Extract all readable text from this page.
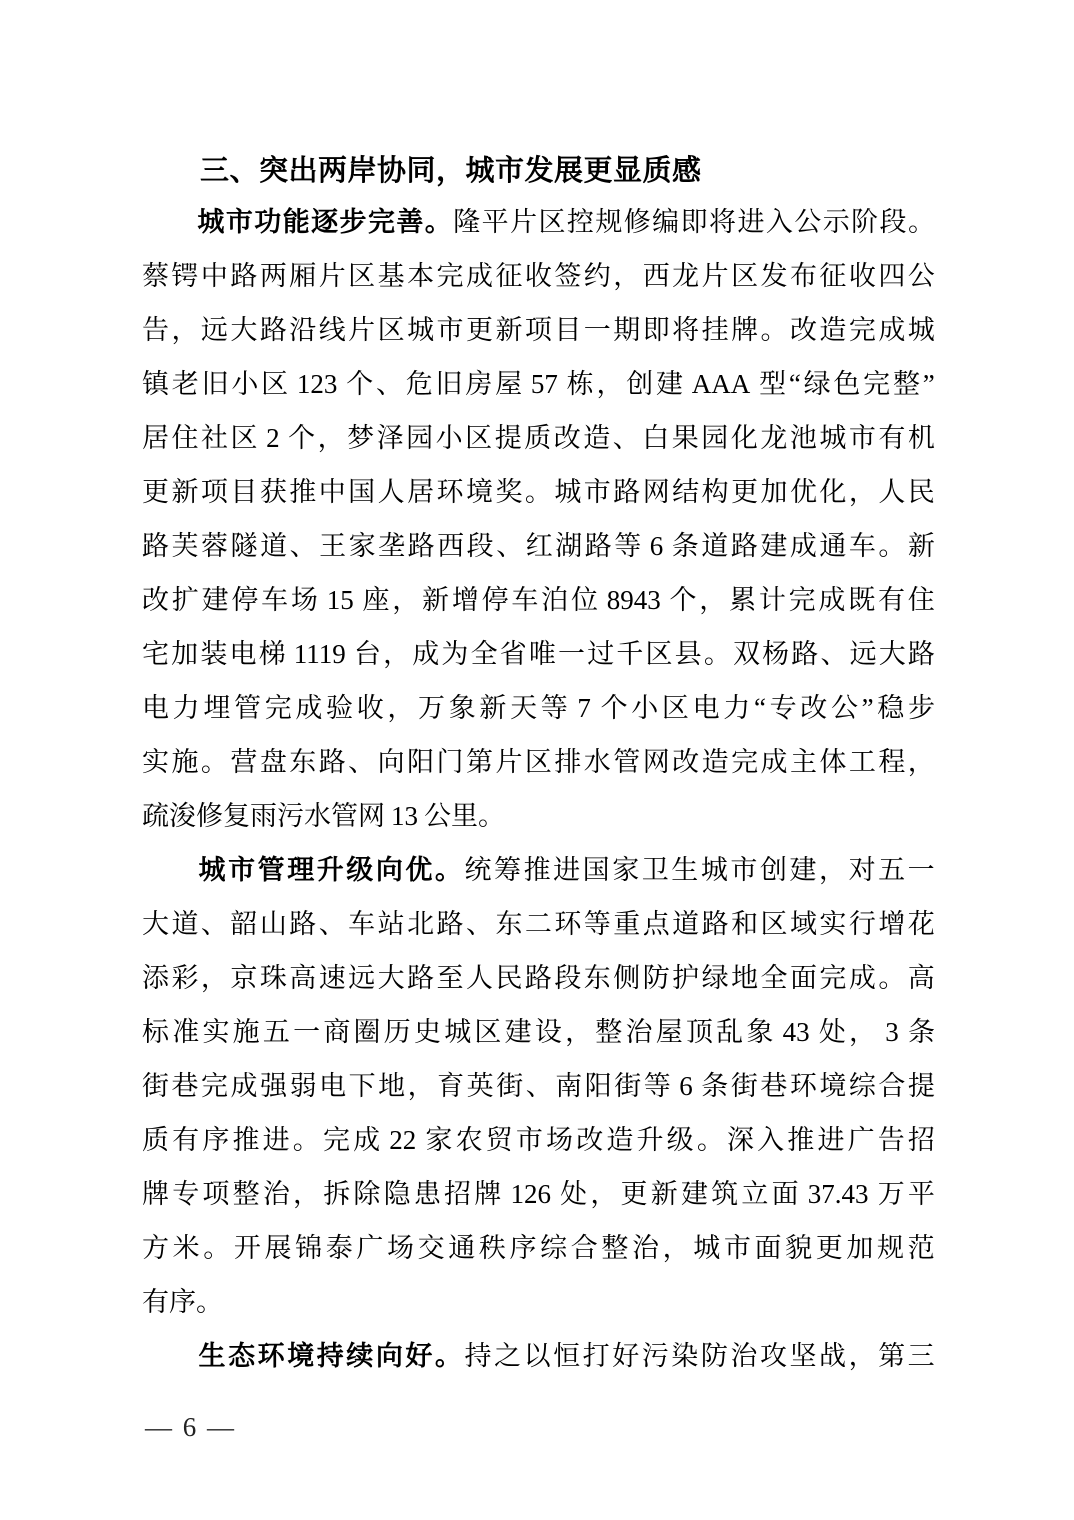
三、突出两岸协同，城市发展更显质感
城 市 功 能 逐 步 完 善 。 隆 平 片 区 控 规 修 编 即 将 进 入 公 示 阶 段 。
蔡 锷 中 路 两 厢 片 区 基 本 完 成 征 收 签 约 ， 西 龙 片 区 发 布 征 收 四 公
告 ， 远 大 路 沿 线 片 区 城 市 更 新 项 目 一 期 即 将 挂 牌 。 改 造 完 成 城
镇 老 旧 小 区 123 个 、 危 旧 房 屋 57 栋 ， 创 建 AAA 型 “ 绿 色 完 整 ”
居 住 社 区 2 个 ， 梦 泽 园 小 区 提 质 改 造 、 白 果 园 化 龙 池 城 市 有 机
更 新 项 目 获 推 中 国 人 居 环 境 奖 。 城 市 路 网 结 构 更 加 优 化 ， 人 民
路 芙 蓉 隧 道 、 王 家 垄 路 西 段 、 红 湖 路 等 6 条 道 路 建 成 通 车 。 新
改 扩 建 停 车 场 15 座 ， 新 增 停 车 泊 位 8943 个 ， 累 计 完 成 既 有 住
宅 加 装 电 梯 1119 台 ， 成 为 全 省 唯 一 过 千 区 县 。 双 杨 路 、 远 大 路
电 力 埋 管 完 成 验 收 ， 万 象 新 天 等 7 个 小 区 电 力 “ 专 改 公 ” 稳 步
实 施 。 营 盘 东 路 、 向 阳 门 第 片 区 排 水 管 网 改 造 完 成 主 体 工 程 ，
疏 浚 修 复 雨 污 水 管 网 13 公 里 。
城 市 管 理 升 级 向 优 。 统 筹 推 进 国 家 卫 生 城 市 创 建 ， 对 五 一
大 道 、 韶 山 路 、 车 站 北 路 、 东 二 环 等 重 点 道 路 和 区 域 实 行 增 花
添 彩 ， 京 珠 高 速 远 大 路 至 人 民 路 段 东 侧 防 护 绿 地 全 面 完 成 。 高
标 准 实 施 五 一 商 圈 历 史 城 区 建 设 ， 整 治 屋 顶 乱 象 43 处 ， 3 条
街 巷 完 成 强 弱 电 下 地 ， 育 英 街 、 南 阳 街 等 6 条 街 巷 环 境 综 合 提
质 有 序 推 进 。 完 成 22 家 农 贸 市 场 改 造 升 级 。 深 入 推 进 广 告 招
牌 专 项 整 治 ， 拆 除 隐 患 招 牌 126 处 ， 更 新 建 筑 立 面 37.43 万 平
方 米 。 开 展 锦 泰 广 场 交 通 秩 序 综 合 整 治 ， 城 市 面 貌 更 加 规 范
有 序 。
生 态 环 境 持 续 向 好 。 持 之 以 恒 打 好 污 染 防 治 攻 坚 战 ， 第 三
— 6 —
